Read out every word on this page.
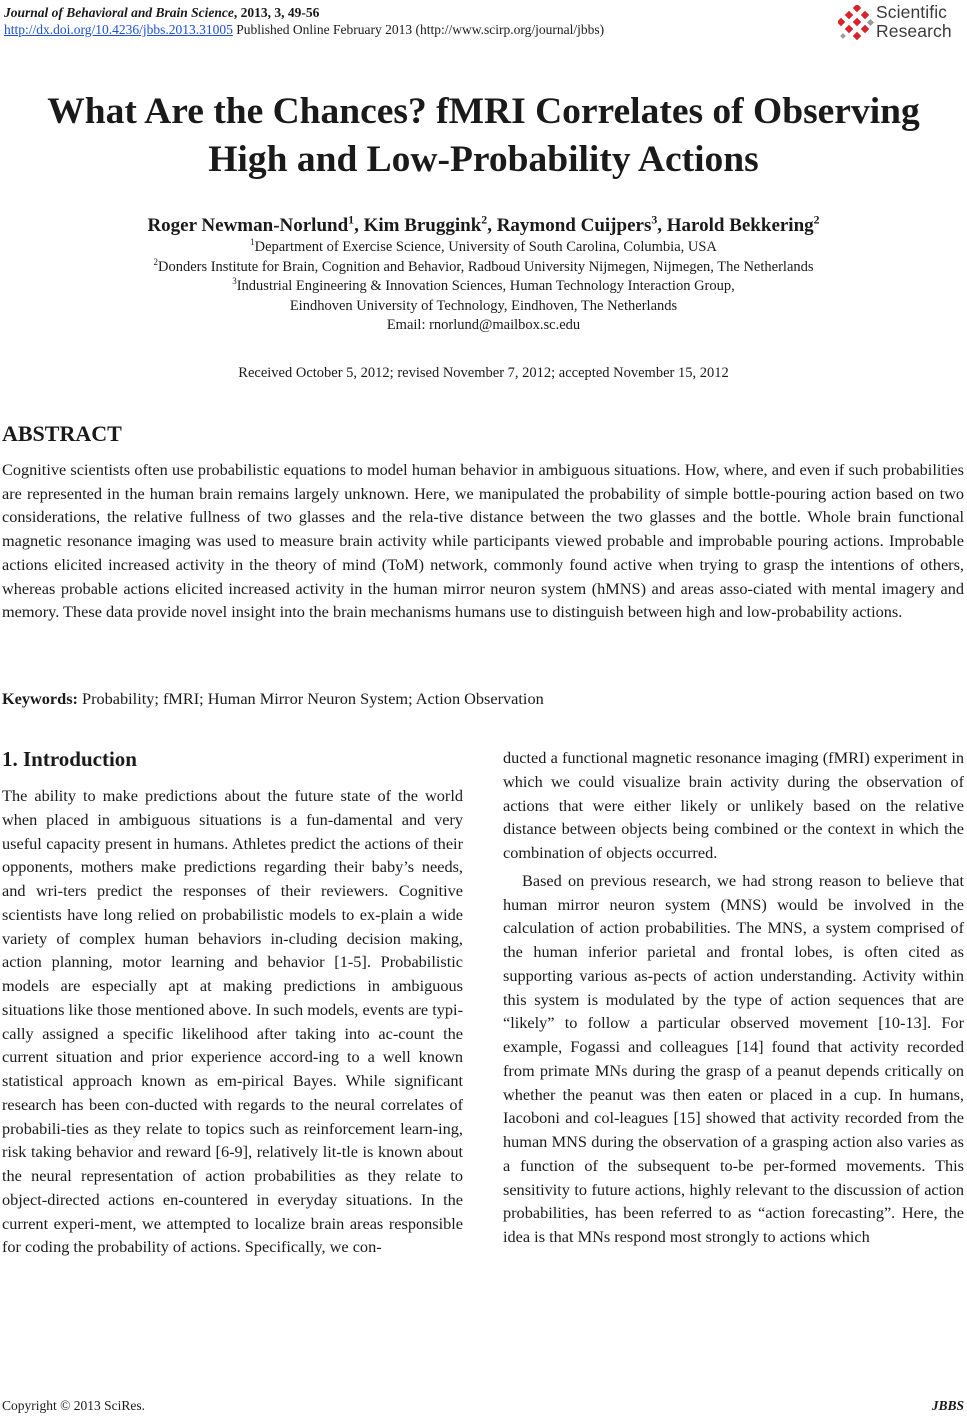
Journal of Behavioral and Brain Science, 2013, 3, 49-56
http://dx.doi.org/10.4236/jbbs.2013.31005 Published Online February 2013 (http://www.scirp.org/journal/jbbs)
Scientific
Research
What Are the Chances? fMRI Correlates of Observing
High and Low-Probability Actions
Roger Newman-Norlund$^1$, Kim Bruggink$^2$, Raymond Cuijpers$^3$, Harold Bekkering$^2$
$^1$Department of Exercise Science, University of South Carolina, Columbia, USA
$^2$Donders Institute for Brain, Cognition and Behavior, Radboud University Nijmegen, Nijmegen, The Netherlands
$^3$Industrial Engineering & Innovation Sciences, Human Technology Interaction Group,
Eindhoven University of Technology, Eindhoven, The Netherlands
Email: rnorlund@mailbox.sc.edu
Received October 5, 2012; revised November 7, 2012; accepted November 15, 2012
ABSTRACT
Cognitive scientists often use probabilistic equations to model human behavior in ambiguous situations. How, where, and even if such probabilities are represented in the human brain remains largely unknown. Here, we manipulated the probability of simple bottle-pouring action based on two considerations, the relative fullness of two glasses and the rela-tive distance between the two glasses and the bottle. Whole brain functional magnetic resonance imaging was used to measure brain activity while participants viewed probable and improbable pouring actions. Improbable actions elicited increased activity in the theory of mind (ToM) network, commonly found active when trying to grasp the intentions of others, whereas probable actions elicited increased activity in the human mirror neuron system (hMNS) and areas asso-ciated with mental imagery and memory. These data provide novel insight into the brain mechanisms humans use to distinguish between high and low-probability actions.
Keywords: Probability; fMRI; Human Mirror Neuron System; Action Observation
1. Introduction

The ability to make predictions about the future state of the world when placed in ambiguous situations is a fun-damental and very useful capacity present in humans. Athletes predict the actions of their opponents, mothers make predictions regarding their baby’s needs, and wri-ters predict the responses of their reviewers. Cognitive scientists have long relied on probabilistic models to ex-plain a wide variety of complex human behaviors in-cluding decision making, action planning, motor learning and behavior [1-5]. Probabilistic models are especially apt at making predictions in ambiguous situations like those mentioned above. In such models, events are typi-cally assigned a specific likelihood after taking into ac-count the current situation and prior experience accord-ing to a well known statistical approach known as em-pirical Bayes. While significant research has been con-ducted with regards to the neural correlates of probabili-ties as they relate to topics such as reinforcement learn-ing, risk taking behavior and reward [6-9], relatively lit-tle is known about the neural representation of action probabilities as they relate to object-directed actions en-countered in everyday situations. In the current experi-ment, we attempted to localize brain areas responsible for coding the probability of actions. Specifically, we con-

ducted a functional magnetic resonance imaging (fMRI) experiment in which we could visualize brain activity during the observation of actions that were either likely or unlikely based on the relative distance between objects being combined or the context in which the combination of objects occurred.

Based on previous research, we had strong reason to believe that human mirror neuron system (MNS) would be involved in the calculation of action probabilities. The MNS, a system comprised of the human inferior parietal and frontal lobes, is often cited as supporting various as-pects of action understanding. Activity within this system is modulated by the type of action sequences that are “likely” to follow a particular observed movement [10-13]. For example, Fogassi and colleagues [14] found that activity recorded from primate MNs during the grasp of a peanut depends critically on whether the peanut was then eaten or placed in a cup. In humans, Iacoboni and col-leagues [15] showed that activity recorded from the human MNS during the observation of a grasping action also varies as a function of the subsequent to-be per-formed movements. This sensitivity to future actions, highly relevant to the discussion of action probabilities, has been referred to as “action forecasting”. Here, the idea is that MNs respond most strongly to actions which

Copyright © 2013 SciRes.	JBBS
